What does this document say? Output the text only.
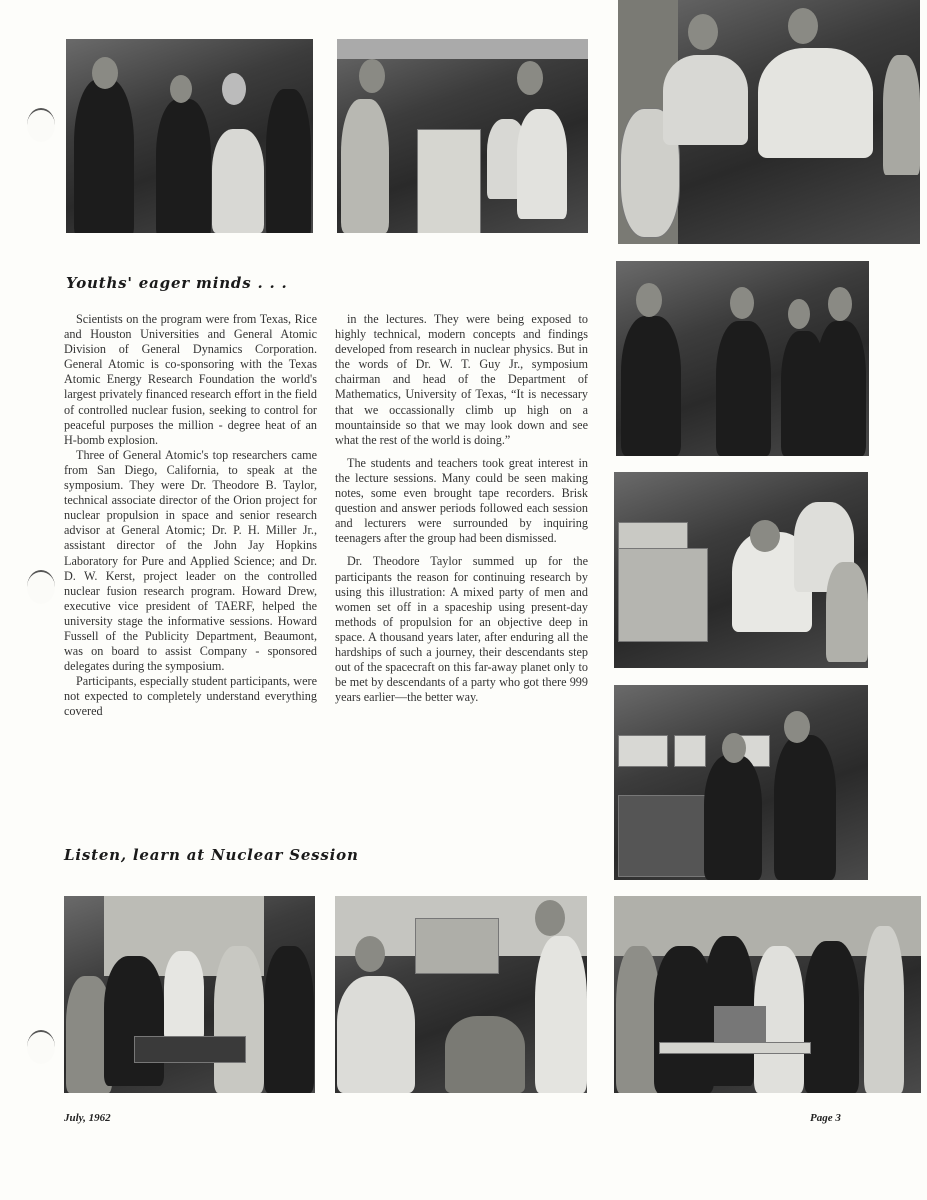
Youths' eager minds . . .

Scientists on the program were from Texas, Rice and Houston Universities and General Atomic Division of General Dynamics Corporation. General Atomic is co-sponsoring with the Texas Atomic Energy Research Foundation the world's largest privately financed research effort in the field of controlled nuclear fusion, seeking to control for peaceful purposes the million - degree heat of an H-bomb explosion.

Three of General Atomic's top researchers came from San Diego, California, to speak at the symposium. They were Dr. Theodore B. Taylor, technical associate director of the Orion project for nuclear propulsion in space and senior research advisor at General Atomic; Dr. P. H. Miller Jr., assistant director of the John Jay Hopkins Laboratory for Pure and Applied Science; and Dr. D. W. Kerst, project leader on the controlled nuclear fusion research program. Howard Drew, executive vice president of TAERF, helped the university stage the informative sessions. Howard Fussell of the Publicity Department, Beaumont, was on board to assist Company - sponsored delegates during the symposium.

Participants, especially student participants, were not expected to completely understand everything covered

in the lectures. They were being exposed to highly technical, modern concepts and findings developed from research in nuclear physics. But in the words of Dr. W. T. Guy Jr., symposium chairman and head of the Department of Mathematics, University of Texas, “It is necessary that we occassionally climb up high on a mountainside so that we may look down and see what the rest of the world is doing.”

The students and teachers took great interest in the lecture sessions. Many could be seen making notes, some even brought tape recorders. Brisk question and answer periods followed each session and lecturers were surrounded by inquiring teenagers after the group had been dismissed.

Dr. Theodore Taylor summed up for the participants the reason for continuing research by using this illustration: A mixed party of men and women set off in a spaceship using present-day methods of propulsion for an objective deep in space. A thousand years later, after enduring all the hardships of such a journey, their descendants step out of the spacecraft on this far-away planet only to be met by descendants of a party who got there 999 years earlier—the better way.

Listen, learn at Nuclear Session
July, 1962	Page 3
